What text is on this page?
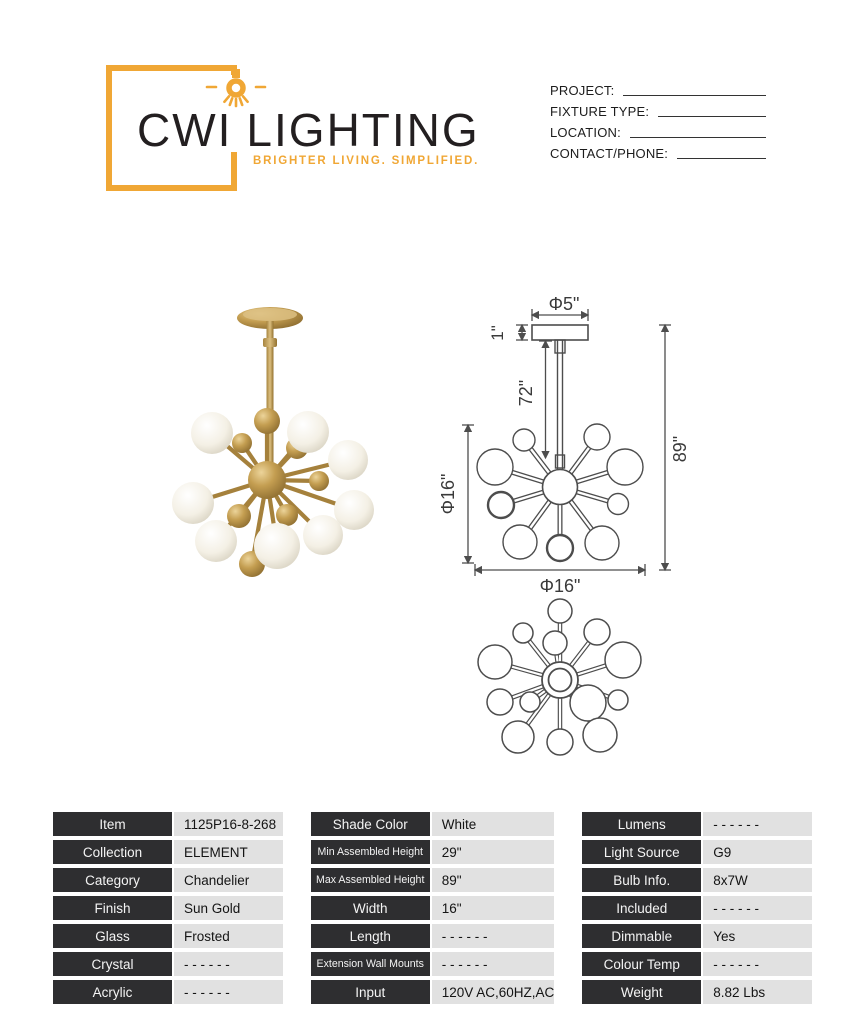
CWI LIGHTING
BRIGHTER LIVING. SIMPLIFIED.
PROJECT:
FIXTURE TYPE:
LOCATION:
CONTACT/PHONE:
Φ5"
1"
72"
89"
Φ16"
Φ16"
Item	1125P16-8-268
Collection	ELEMENT
Category	Chandelier
Finish	Sun Gold
Glass	Frosted
Crystal	- - - - - -
Acrylic	- - - - - -
Shade Color	White
Min Assembled Height	29"
Max Assembled Height	89"
Width	16"
Length	- - - - - -
Extension Wall Mounts	- - - - - -
Input	120V AC,60HZ,AC
Lumens	- - - - - -
Light Source	G9
Bulb Info.	8x7W
Included	- - - - - -
Dimmable	Yes
Colour Temp	- - - - - -
Weight	8.82 Lbs
